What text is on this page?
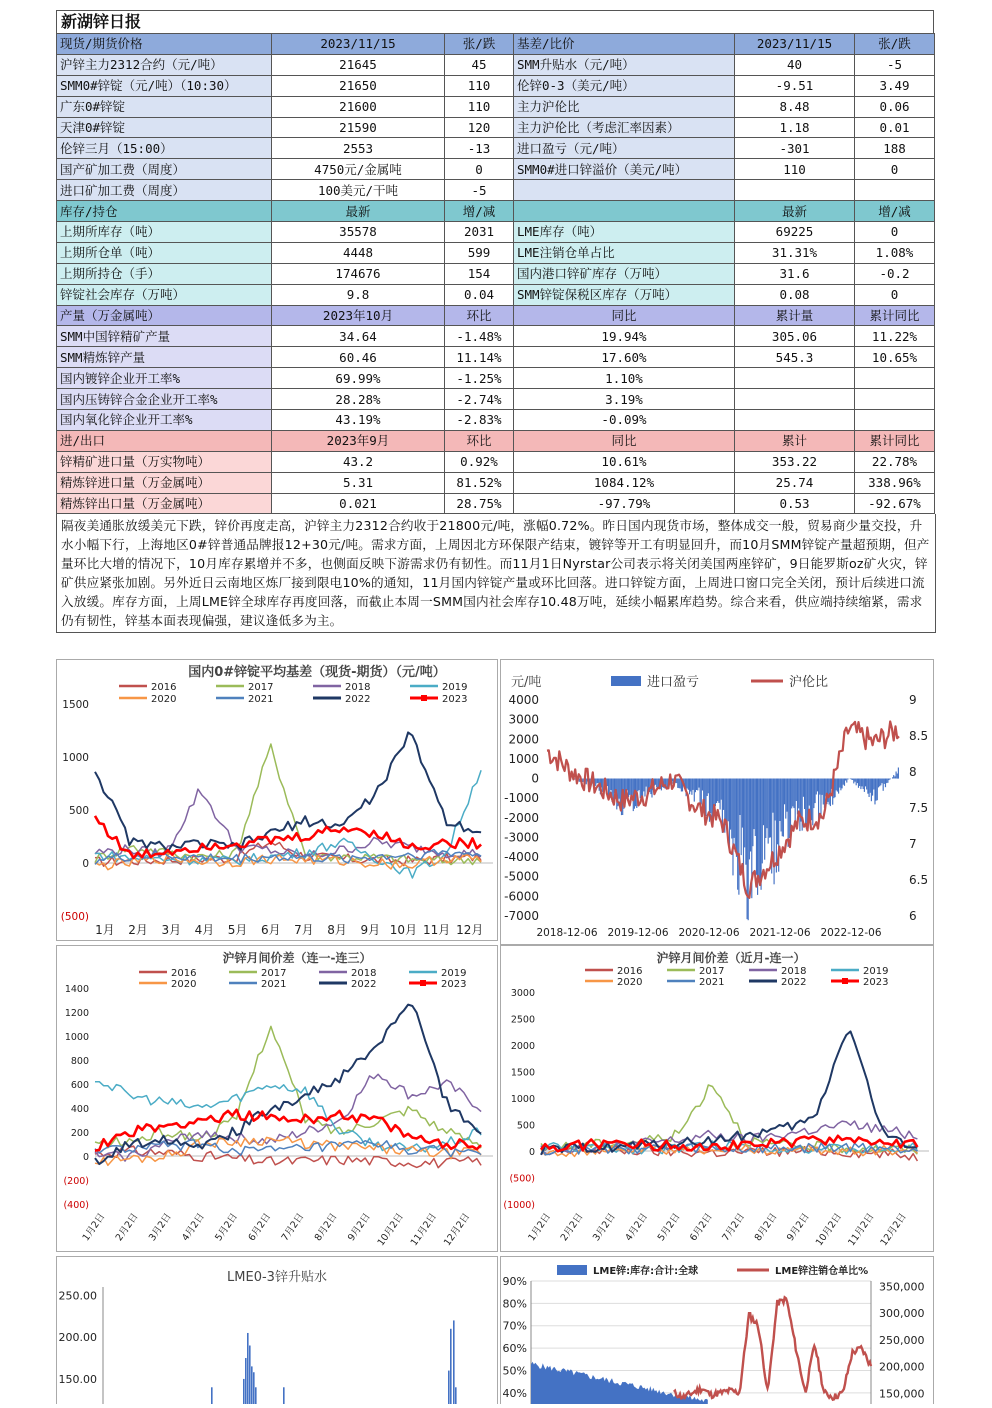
新湖锌日报
现货/期货价格	2023/11/15	张/跌	基差/比价	2023/11/15	张/跌
沪锌主力2312合约（元/吨）	21645	45	SMM升贴水（元/吨）	40	-5
SMM0#锌锭（元/吨）（10:30）	21650	110	伦锌0-3（美元/吨）	-9.51	3.49
广东0#锌锭	21600	110	主力沪伦比	8.48	0.06
天津0#锌锭	21590	120	主力沪伦比（考虑汇率因素）	1.18	0.01
伦锌三月（15:00）	2553	-13	进口盈亏（元/吨）	-301	188
国产矿加工费（周度）	4750元/金属吨	0	SMM0#进口锌溢价（美元/吨）	110	0
进口矿加工费（周度）	100美元/干吨	-5			
库存/持仓	最新	增/减		最新	增/减
上期所库存（吨）	35578	2031	LME库存（吨）	69225	0
上期所仓单（吨）	4448	599	LME注销仓单占比	31.31%	1.08%
上期所持仓（手）	174676	154	国内港口锌矿库存（万吨）	31.6	-0.2
锌锭社会库存（万吨）	9.8	0.04	SMM锌锭保税区库存（万吨）	0.08	0
产量（万金属吨）	2023年10月	环比	同比	累计量	累计同比
SMM中国锌精矿产量	34.64	-1.48%	19.94%	305.06	11.22%
SMM精炼锌产量	60.46	11.14%	17.60%	545.3	10.65%
国内镀锌企业开工率%	69.99%	-1.25%	1.10%		
国内压铸锌合金企业开工率%	28.28%	-2.74%	3.19%		
国内氧化锌企业开工率%	43.19%	-2.83%	-0.09%		
进/出口	2023年9月	环比	同比	累计	累计同比
锌精矿进口量（万实物吨）	43.2	0.92%	10.61%	353.22	22.78%
精炼锌进口量（万金属吨）	5.31	81.52%	1084.12%	25.74	338.96%
精炼锌出口量（万金属吨）	0.021	28.75%	-97.79%	0.53	-92.67%
隔夜美通胀放缓美元下跌，锌价再度走高，沪锌主力2312合约收于21800元/吨，涨幅0.72%。昨日国内现货市场，整体成交一般，贸易商少量交投，升水小幅下行，上海地区0#锌普通品牌报12+30元/吨。需求方面，上周因北方环保限产结束，镀锌等开工有明显回升，而10月SMM锌锭产量超预期，但产量环比大增的情况下，10月库存累增并不多，也侧面反映下游需求仍有韧性。而11月1日Nyrstar公司表示将关闭美国两座锌矿，9日能罗斯oz矿火灾，锌矿供应紧张加剧。另外近日云南地区炼厂接到限电10%的通知，11月国内锌锭产量或环比回落。进口锌锭方面，上周进口窗口完全关闭，预计后续进口流入放缓。库存方面，上周LME锌全球库存再度回落，而截止本周一SMM国内社会库存10.48万吨，延续小幅累库趋势。综合来看，供应端持续缩紧，需求仍有韧性，锌基本面表现偏强，建议逢低多为主。
国内0#锌锭平均基差（现货-期货）（元/吨）
2016	2017	2018	2019
2020	2021	2022	2023
1500
1000
500
0
(500)
1月 2月 3月 4月 5月 6月 7月 8月 9月 10月 11月 12月
元/吨	进口盈亏	沪伦比
4000
3000
2000
1000
0
-1000
-2000
-3000
-4000
-5000
-6000
-7000
9
8.5
8
7.5
7
6.5
6
2018-12-06 2019-12-06 2020-12-06 2021-12-06 2022-12-06
沪锌月间价差（连一-连三）
2016	2017	2018	2019
2020	2021	2022	2023
1400
1200
1000
800
600
400
200
0
(200)
(400)
1月2日 2月2日 3月2日 4月2日 5月2日 6月2日 7月2日 8月2日 9月2日 10月2日 11月2日 12月2日
沪锌月间价差（近月-连一）
2016	2017	2018	2019
2020	2021	2022	2023
3000
2500
2000
1500
1000
500
0
(500)
(1000)
1月2日 2月2日 3月2日 4月2日 5月2日 6月2日 7月2日 8月2日 9月2日 10月2日 11月2日 12月2日
LME0-3锌升贴水
250.00
200.00
150.00
LME锌:库存:合计:全球	LME锌注销仓单比%
90%
80%
70%
60%
50%
40%
350,000
300,000
250,000
200,000
150,000
